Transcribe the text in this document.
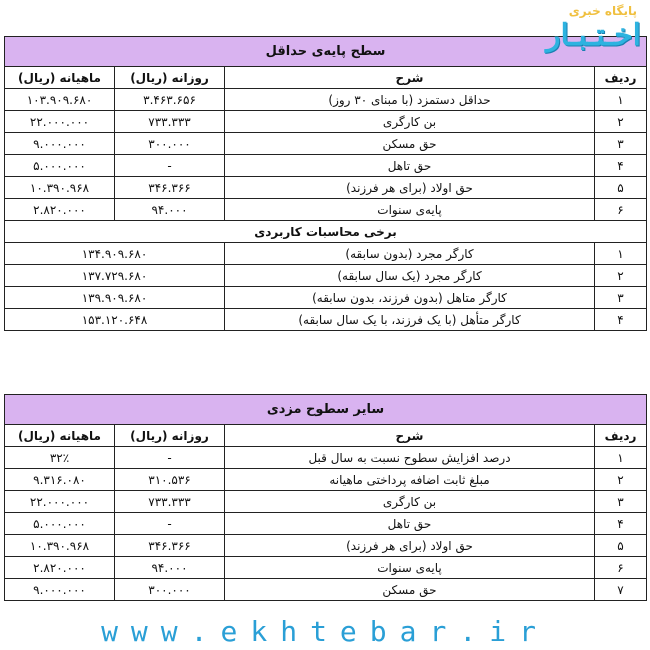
پایگاه خبری
اخـتـبـار
سطح پایه‌ی حداقل			
ردیف	شرح	روزانه (ریال)	ماهیانه (ریال)
۱	حداقل دستمزد (با مبنای ۳۰ روز)	۳.۴۶۳.۶۵۶	۱۰۳.۹۰۹.۶۸۰
۲	بن کارگری	۷۳۳.۳۳۳	۲۲.۰۰۰.۰۰۰
۳	حق مسکن	۳۰۰.۰۰۰	۹.۰۰۰.۰۰۰
۴	حق تاهل	-	۵.۰۰۰.۰۰۰
۵	حق اولاد (برای هر فرزند)	۳۴۶.۳۶۶	۱۰.۳۹۰.۹۶۸
۶	پایه‌ی سنوات	۹۴.۰۰۰	۲.۸۲۰.۰۰۰
برخی محاسبات کاربردی			
۱	کارگر مجرد (بدون سابقه)	۱۳۴.۹۰۹.۶۸۰	
۲	کارگر مجرد (یک سال سابقه)	۱۳۷.۷۲۹.۶۸۰	
۳	کارگر متاهل (بدون فرزند، بدون سابقه)	۱۳۹.۹۰۹.۶۸۰	
۴	کارگر متأهل (با یک فرزند، با یک سال سابقه)	۱۵۳.۱۲۰.۶۴۸	
سایر سطوح مزدی			
ردیف	شرح	روزانه (ریال)	ماهیانه (ریال)
۱	درصد افزایش سطوح نسبت به سال قبل	-	۳۲٪
۲	مبلغ ثابت اضافه پرداختی ماهیانه	۳۱۰.۵۳۶	۹.۳۱۶.۰۸۰
۳	بن کارگری	۷۳۳.۳۳۳	۲۲.۰۰۰.۰۰۰
۴	حق تاهل	-	۵.۰۰۰.۰۰۰
۵	حق اولاد (برای هر فرزند)	۳۴۶.۳۶۶	۱۰.۳۹۰.۹۶۸
۶	پایه‌ی سنوات	۹۴.۰۰۰	۲.۸۲۰.۰۰۰
۷	حق مسکن	۳۰۰.۰۰۰	۹.۰۰۰.۰۰۰
www.ekhtebar.ir
